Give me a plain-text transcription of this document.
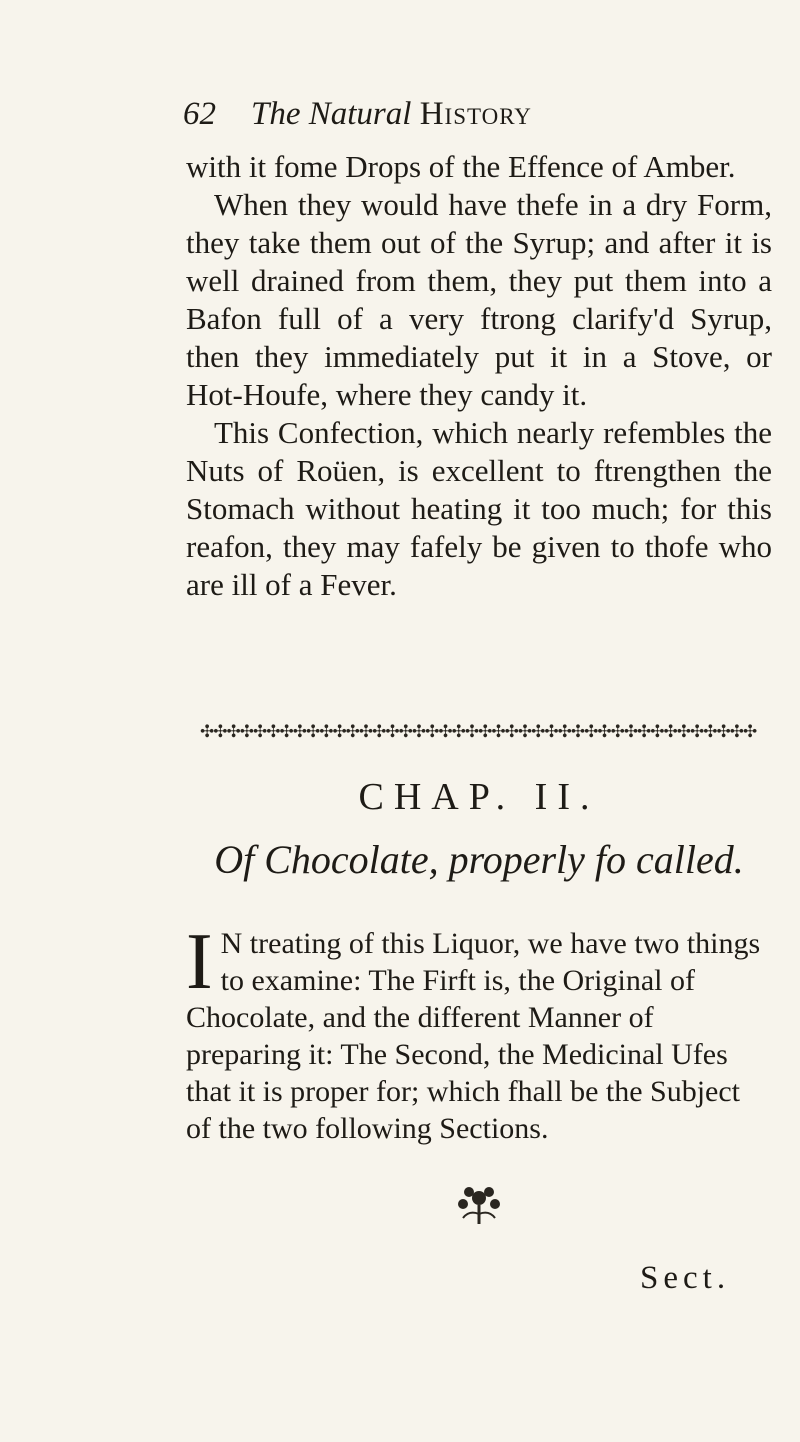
62 The Natural History

with it fome Drops of the Effence of Amber.

When they would have thefe in a dry Form, they take them out of the Syrup; and after it is well drained from them, they put them into a Bafon full of a very ftrong clarify'd Syrup, then they immediately put it in a Stove, or Hot-Houfe, where they candy it.

This Confection, which nearly refembles the Nuts of Roüen, is excellent to ftrengthen the Stomach without heating it too much; for this reafon, they may fafely be given to thofe who are ill of a Fever.

✣✣✣✣✣✣✣✣✣✣✣✣✣✣✣✣✣✣✣✣✣✣✣✣✣✣✣✣✣✣✣✣✣✣✣✣✣✣✣✣✣✣
CHAP. II.
Of Chocolate, properly fo called.
I N treating of this Liquor, we have two things to examine: The Firft is, the Original of Chocolate, and the different Manner of preparing it: The Second, the Medicinal Ufes that it is proper for; which fhall be the Subject of the two following Sections.
Sect.
